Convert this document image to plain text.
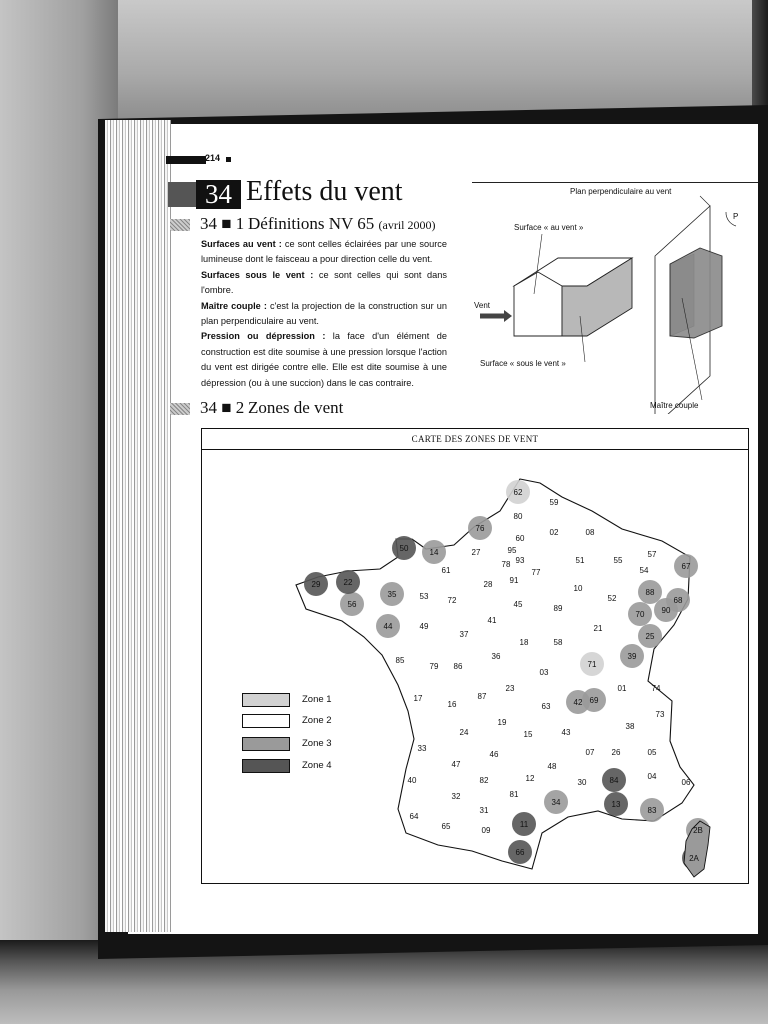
214
34 Effets du vent
34 ■ 1 Définitions NV 65 (avril 2000)

Surfaces au vent : ce sont celles éclairées par une source lumineuse dont le faisceau a pour direction celle du vent.

Surfaces sous le vent : ce sont celles qui sont dans l'ombre.

Maître couple : c'est la projection de la construction sur un plan perpendiculaire au vent.

Pression ou dépression : la face d'un élément de construction est dite soumise à une pression lorsque l'action du vent est dirigée contre elle. Elle est dite soumise à une dépression (ou à une succion) dans le cas contraire.

P
Vent
Plan perpendiculaire au vent
Surface « au vent »
Surface « sous le vent »
Maître couple
34 ■ 2 Zones de vent
CARTE DES ZONES DE VENT
62
59
80
02	08
76
60
57
55
51
50	14	27	95
78 93
67
54
61
28 91
77
10	88
29	22
35	53 72	45
52	68
70
56
41
89	90
25
44	49
37
18	58
21
39
85
79 86
36
03
71
01	74
17
16
87
23
63	42 69
73
19
15	43
38
24
33
46
48
07 26	05
47
04
40	82	12	30	84	06
32	81
34	13
83
64
65
31
09
11
66
2B
2A
Zone 1
Zone 2
Zone 3
Zone 4
